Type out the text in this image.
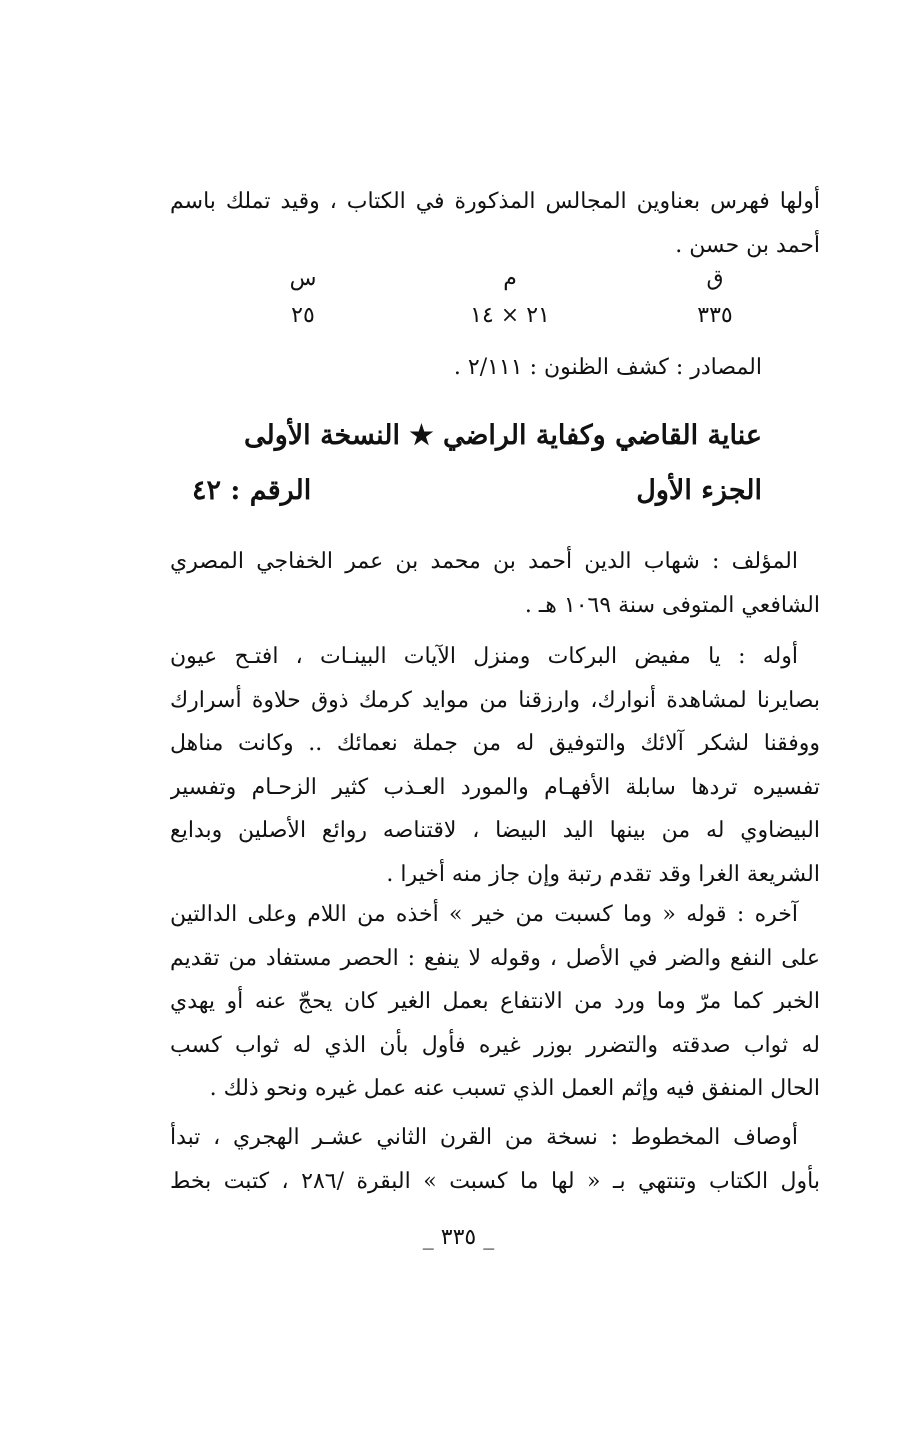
أولها فهرس بعناوين المجالس المذكورة في الكتاب ، وقيد تملك باسم
أحمد بن حسن .
ق
م
س
٣٣٥
٢١ × ١٤
٢٥
المصادر : كشف الظنون : ٢/١١١ .
عناية القاضي وكفاية الراضي ★ النسخة الأولى
الجزء الأول
الرقم : ٤٢
المؤلف : شهاب الدين أحمد بن محمد بن عمر الخفاجي المصري
الشافعي المتوفى سنة ١٠٦٩ هـ .
أوله : يا مفيض البركات ومنزل الآيات البينـات ، افتـح عيون
بصايرنا لمشاهدة أنوارك، وارزقنا من موايد كرمك ذوق حلاوة أسرارك
ووفقنا لشكر آلائك والتوفيق له من جملة نعمائك .. وكانت مناهل
تفسيره تردها سابلة الأفهـام والمورد العـذب كثير الزحـام وتفسير
البيضاوي له من بينها اليد البيضا ، لاقتناصه روائع الأصلين وبدايع
الشريعة الغرا وقد تقدم رتبة وإن جاز منه أخيرا .
آخره : قوله « وما كسبت من خير » أخذه من اللام وعلى الدالتين
على النفع والضر في الأصل ، وقوله لا ينفع : الحصر مستفاد من تقديم
الخبر كما مرّ وما ورد من الانتفاع بعمل الغير كان يحجّ عنه أو يهدي
له ثواب صدقته والتضرر بوزر غيره فأول بأن الذي له ثواب كسب
الحال المنفق فيه وإثم العمل الذي تسبب عنه عمل غيره ونحو ذلك .
أوصاف المخطوط : نسخة من القرن الثاني عشـر الهجري ، تبدأ
بأول الكتاب وتنتهي بـ « لها ما كسبت » البقرة /٢٨٦ ، كتبت بخط
_ ٣٣٥ _
